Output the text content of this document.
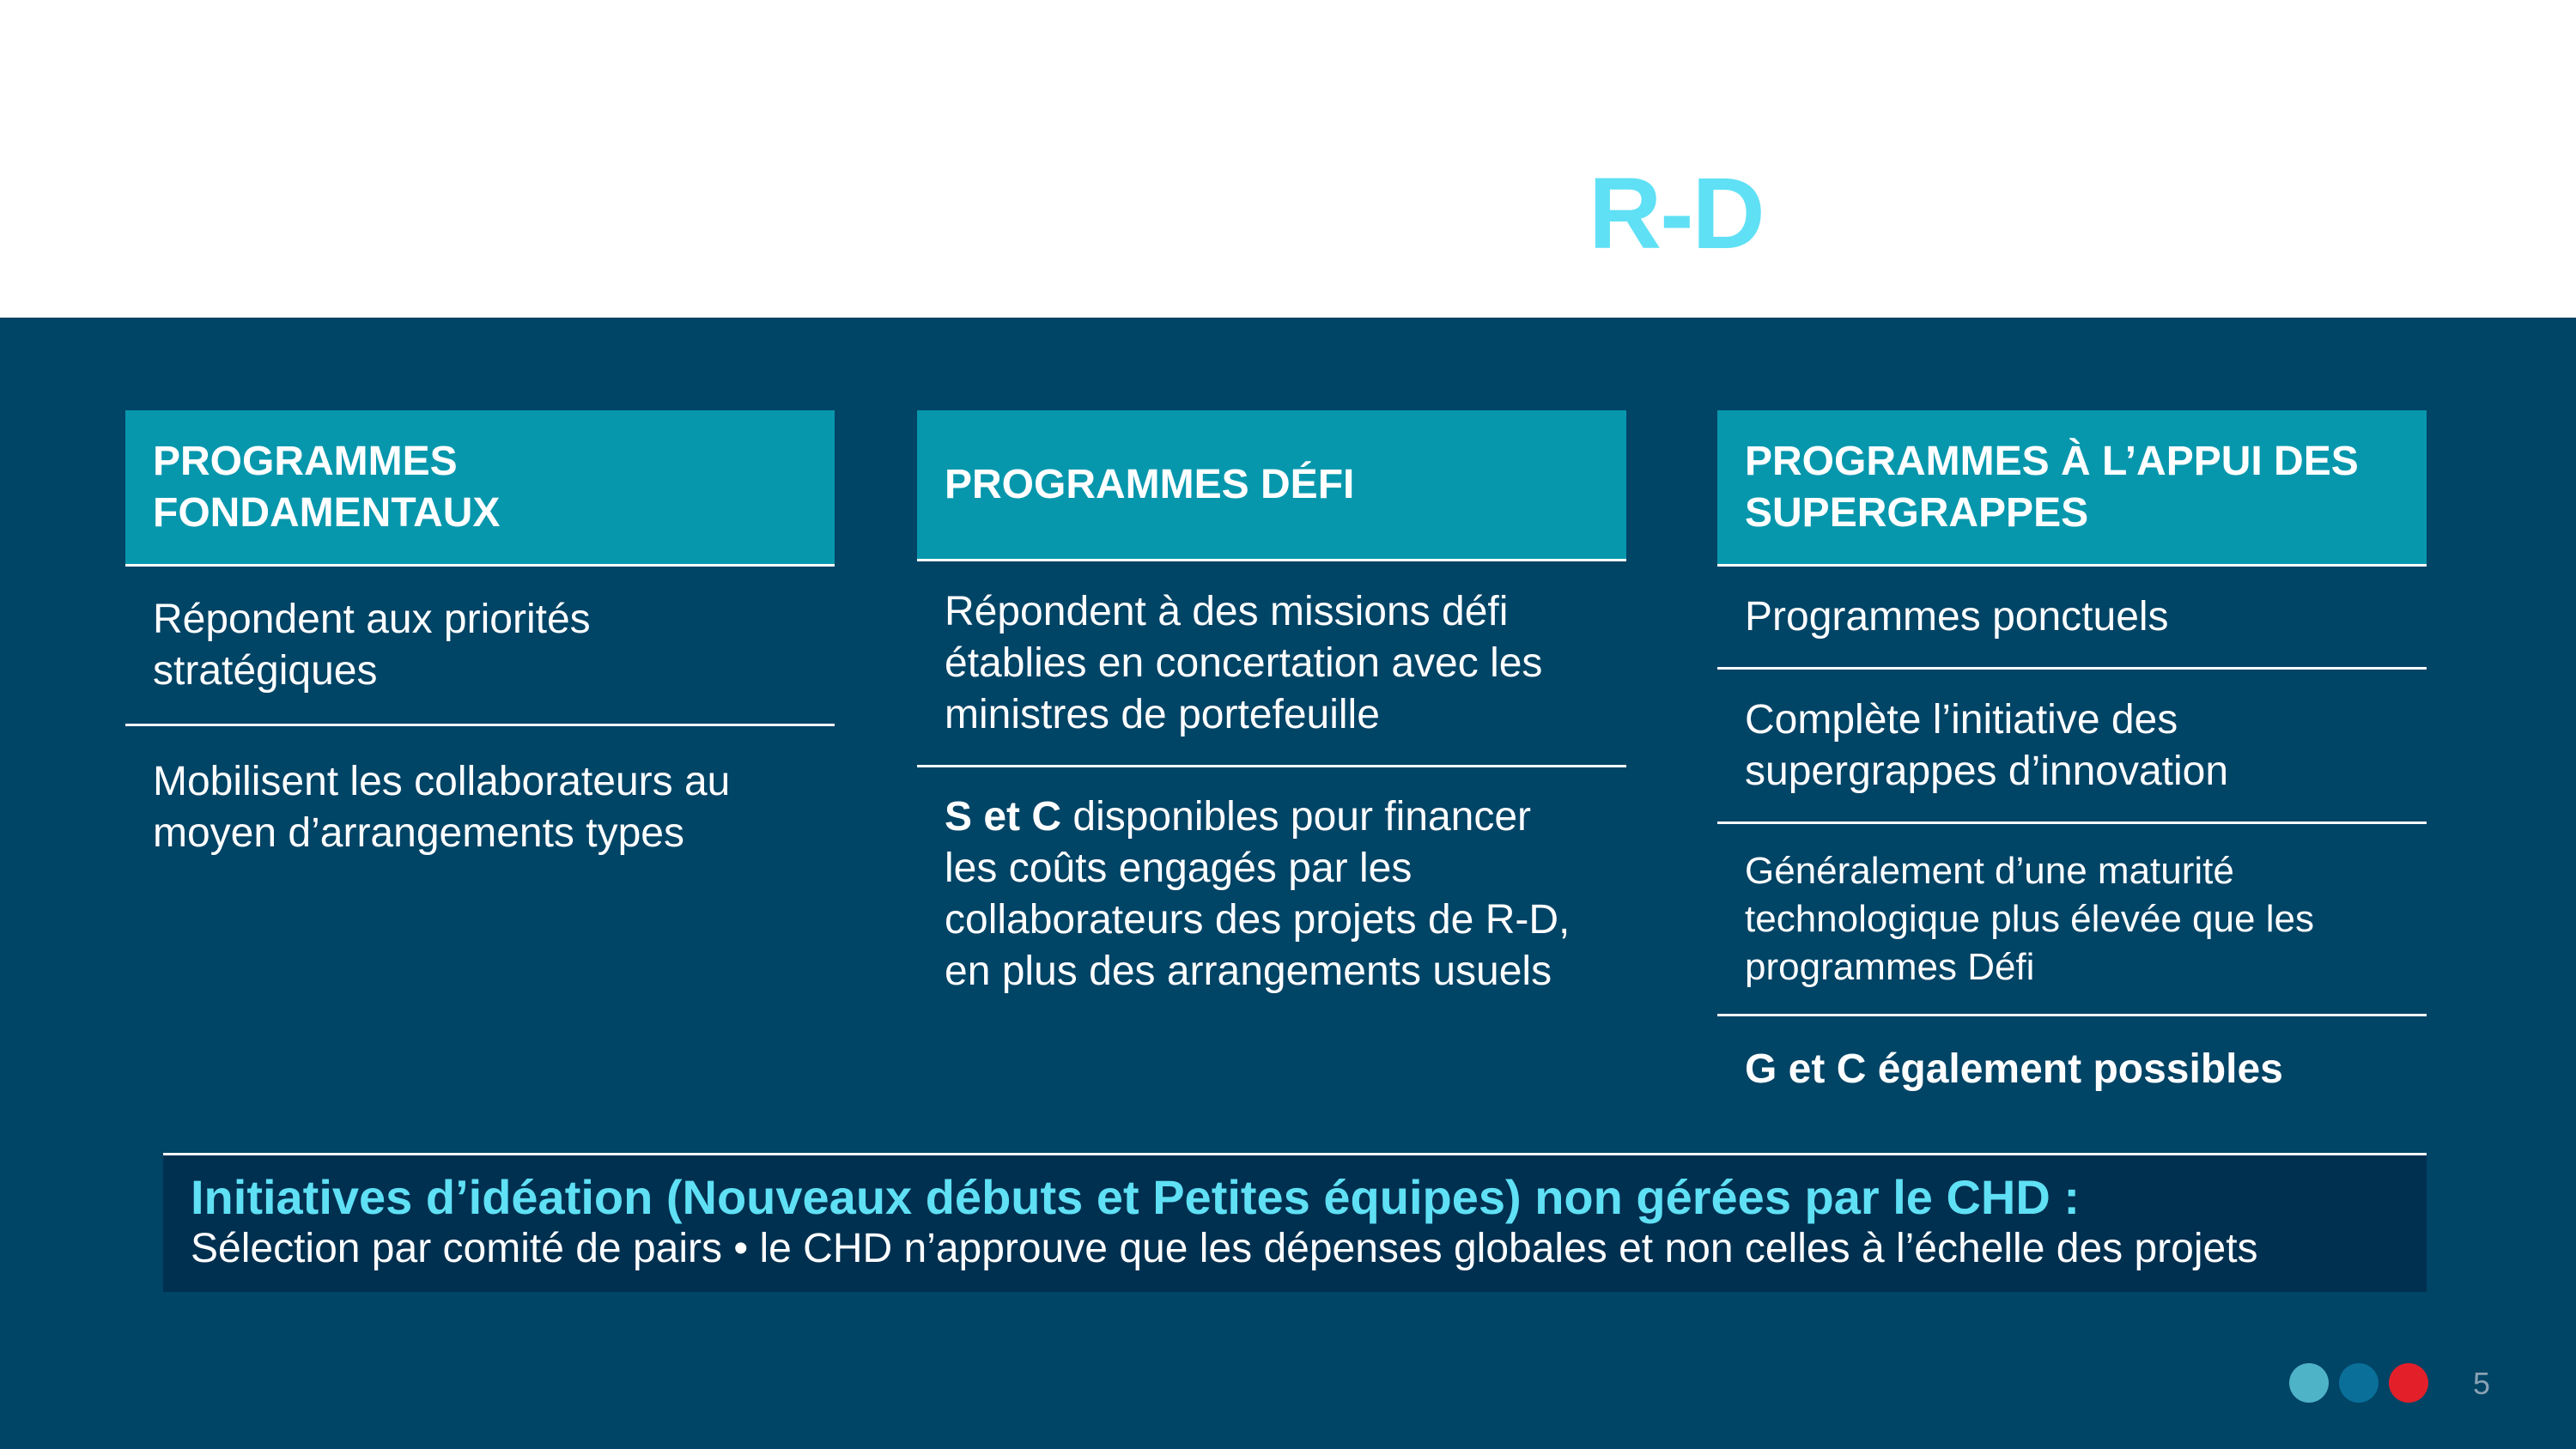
R-D
PROGRAMMES
FONDAMENTAUX
Répondent aux priorités
stratégiques
Mobilisent les collaborateurs au
moyen d’arrangements types
PROGRAMMES DÉFI
Répondent à des missions défi
établies en concertation avec les
ministres de portefeuille
S et C disponibles pour financer
les coûts engagés par les
collaborateurs des projets de R-D,
en plus des arrangements usuels
PROGRAMMES À L’APPUI DES
SUPERGRAPPES
Programmes ponctuels
Complète l’initiative des
supergrappes d’innovation
Généralement d’une maturité
technologique plus élevée que les
programmes Défi
G et C également possibles
Initiatives d’idéation (Nouveaux débuts et Petites équipes) non gérées par le CHD :
Sélection par comité de pairs • le CHD n’approuve que les dépenses globales et non celles à l’échelle des projets
5
